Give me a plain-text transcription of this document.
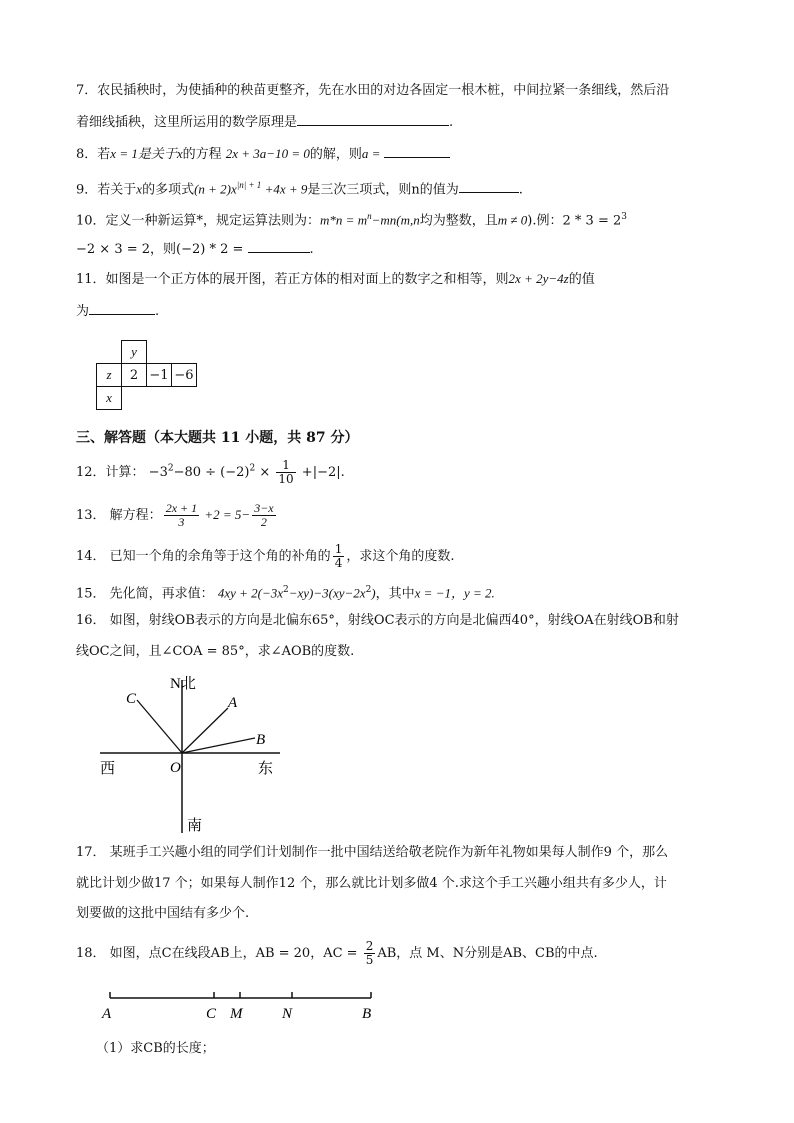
7．农民插秧时，为使插种的秧苗更整齐，先在水田的对边各固定一根木桩，中间拉紧一条细线，然后沿
着细线插秧，这里所运用的数学原理是	.
8．若x = 1是关于x的方程 2x + 3a−10 = 0的解，则a =
9．若关于x的多项式$(n + 2)x^{|n| + 1} +4x + 9$是三次三项式，则n的值为	.
10．定义一种新运算*，规定运算法则为：$m*n = m^n-mn(m,n$均为整数，且m ≠ 0).例：$2 * 3 = 2^3$
−2 × 3 = 2，则(−2) * 2 =	.
11．如图是一个正方体的展开图，若正方体的相对面上的数字之和相等，则2x + 2y−4z的值
为	.
	y			
z	2	−1	−6	
x				
三、解答题（本大题共 11 小题，共 87 分）
12．计算： $-3^2-80 \div (-2)^2 \times \frac{1}{10} +|-2|$.
13． 解方程： $\frac{2x + 1}{3} +2 = 5- \frac{3-x}{2}$
14． 已知一个角的余角等于这个角的补角的 $\frac{1}{4}$ ，求这个角的度数.
15． 先化简，再求值： $4xy + 2(-3x^2-xy)-3(xy-2x^2)$，其中x = −1，y = 2.
16． 如图，射线OB表示的方向是北偏东65°，射线OC表示的方向是北偏西40°，射线OA在射线OB和射
线OC之间，且∠COA = 85°，求∠AOB的度数.
N北
C	A
B
西	O	东
南
17． 某班手工兴趣小组的同学们计划制作一批中国结送给敬老院作为新年礼物如果每人制作9 个，那么
就比计划少做17 个；如果每人制作12 个，那么就比计划多做4 个.求这个手工兴趣小组共有多少人，计
划要做的这批中国结有多少个.
18． 如图，点C在线段AB上，AB = 20，AC = $\frac{2}{5}$ AB，点 M、N分别是AB、CB的中点.
A	C M	N	B
（1）求CB的长度；
